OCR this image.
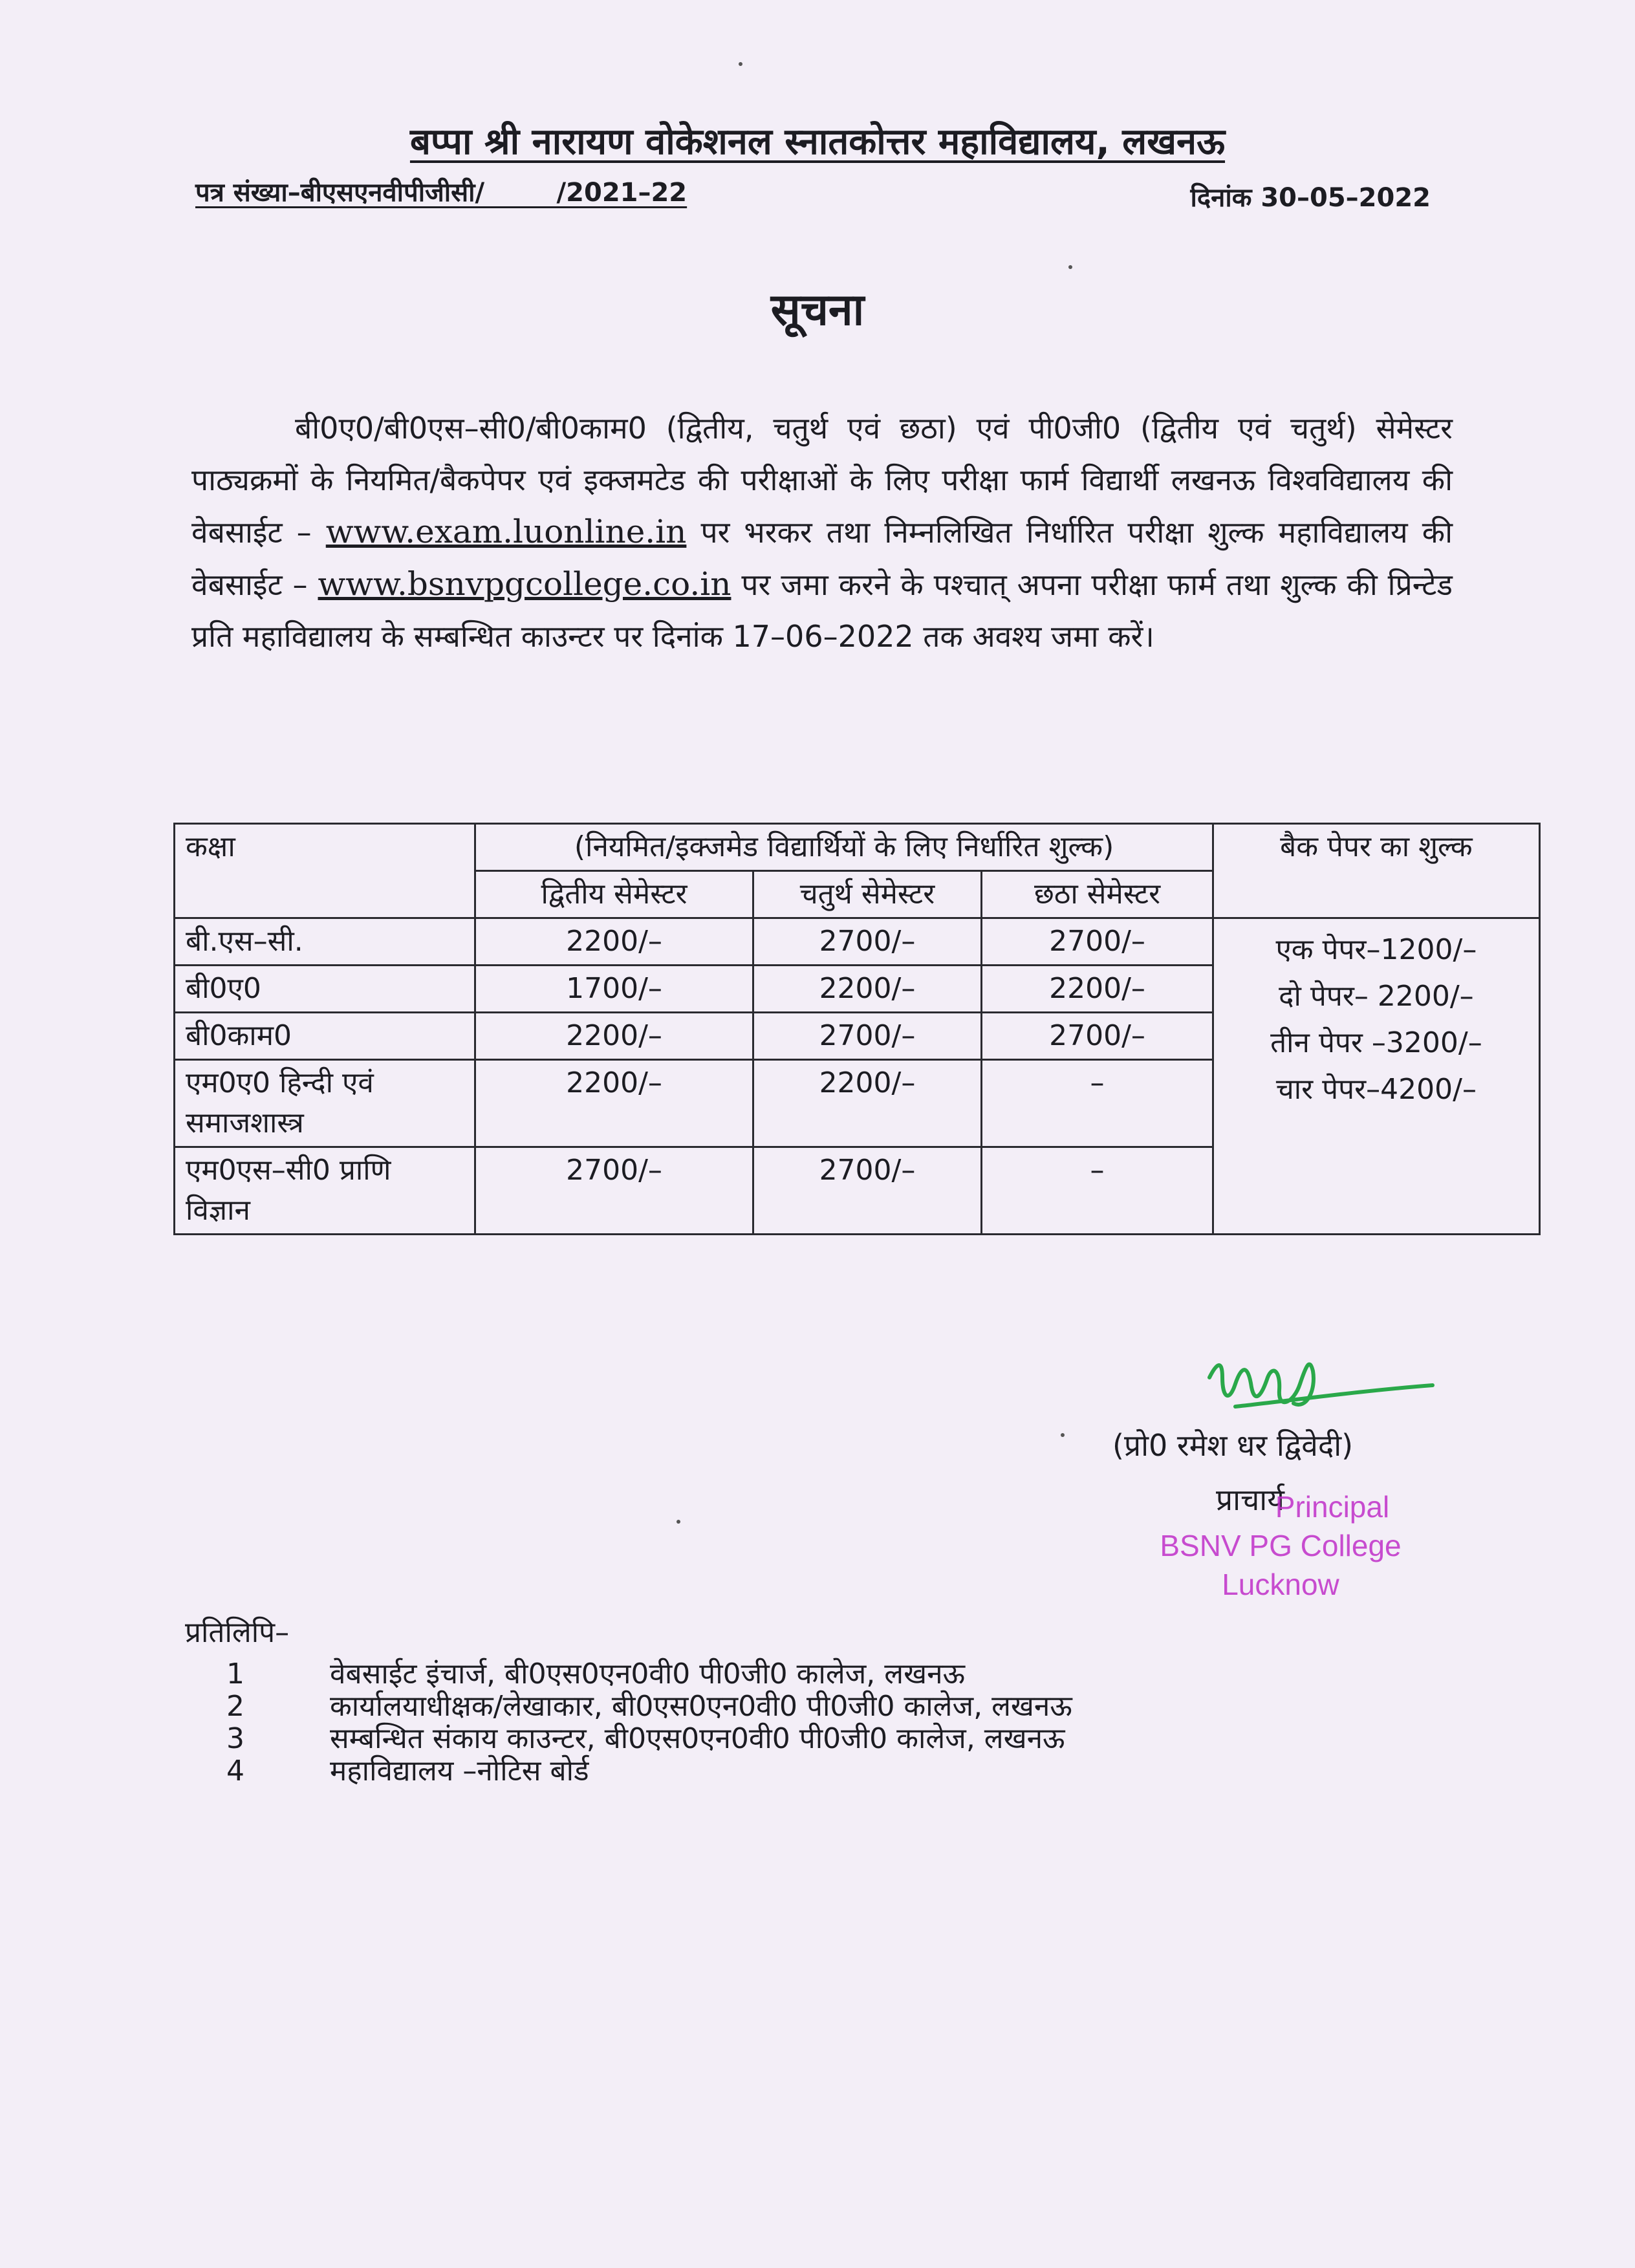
बप्पा श्री नारायण वोकेशनल स्नातकोत्तर महाविद्यालय, लखनऊ
पत्र संख्या–बीएसएनवीपीजीसी/        /2021–22	दिनांक 30–05–2022
सूचना
बी0ए0/बी0एस–सी0/बी0काम0 (द्वितीय, चतुर्थ एवं छठा) एवं पी0जी0 (द्वितीय एवं चतुर्थ) सेमेस्टर पाठ्यक्रमों के नियमित/बैकपेपर एवं इक्जमटेड की परीक्षाओं के लिए परीक्षा फार्म विद्यार्थी लखनऊ विश्वविद्यालय की वेबसाईट – www.exam.luonline.in पर भरकर तथा निम्नलिखित निर्धारित परीक्षा शुल्क महाविद्यालय की वेबसाईट – www.bsnvpgcollege.co.in पर जमा करने के पश्चात् अपना परीक्षा फार्म तथा शुल्क की प्रिन्टेड प्रति महाविद्यालय के सम्बन्धित काउन्टर पर दिनांक 17–06–2022 तक अवश्य जमा करें।
कक्षा	(नियमित/इक्जमेड विद्यार्थियों के लिए निर्धारित शुल्क)			बैक पेपर का शुल्क
	द्वितीय सेमेस्टर	चतुर्थ सेमेस्टर	छठा सेमेस्टर	
बी.एस–सी.	2200/–	2700/–	2700/–	एक पेपर–1200/–
दो पेपर– 2200/–
तीन पेपर –3200/–
चार पेपर–4200/–

बी0ए0	1700/–	2200/–	2200/–	
बी0काम0	2200/–	2700/–	2700/–	
एम0ए0 हिन्दी एवं समाजशास्त्र	2200/–	2200/–	–	
एम0एस–सी0 प्राणि विज्ञान	2700/–	2700/–	–	
(प्रो0 रमेश धर द्विवेदी)
प्राचार्य
Principal
BSNV PG College
Lucknow
प्रतिलिपि–
1	वेबसाईट इंचार्ज, बी0एस0एन0वी0 पी0जी0 कालेज, लखनऊ
2	कार्यालयाधीक्षक/लेखाकार, बी0एस0एन0वी0 पी0जी0 कालेज, लखनऊ
3	सम्बन्धित संकाय काउन्टर, बी0एस0एन0वी0 पी0जी0 कालेज, लखनऊ
4	महाविद्यालय –नोटिस बोर्ड
